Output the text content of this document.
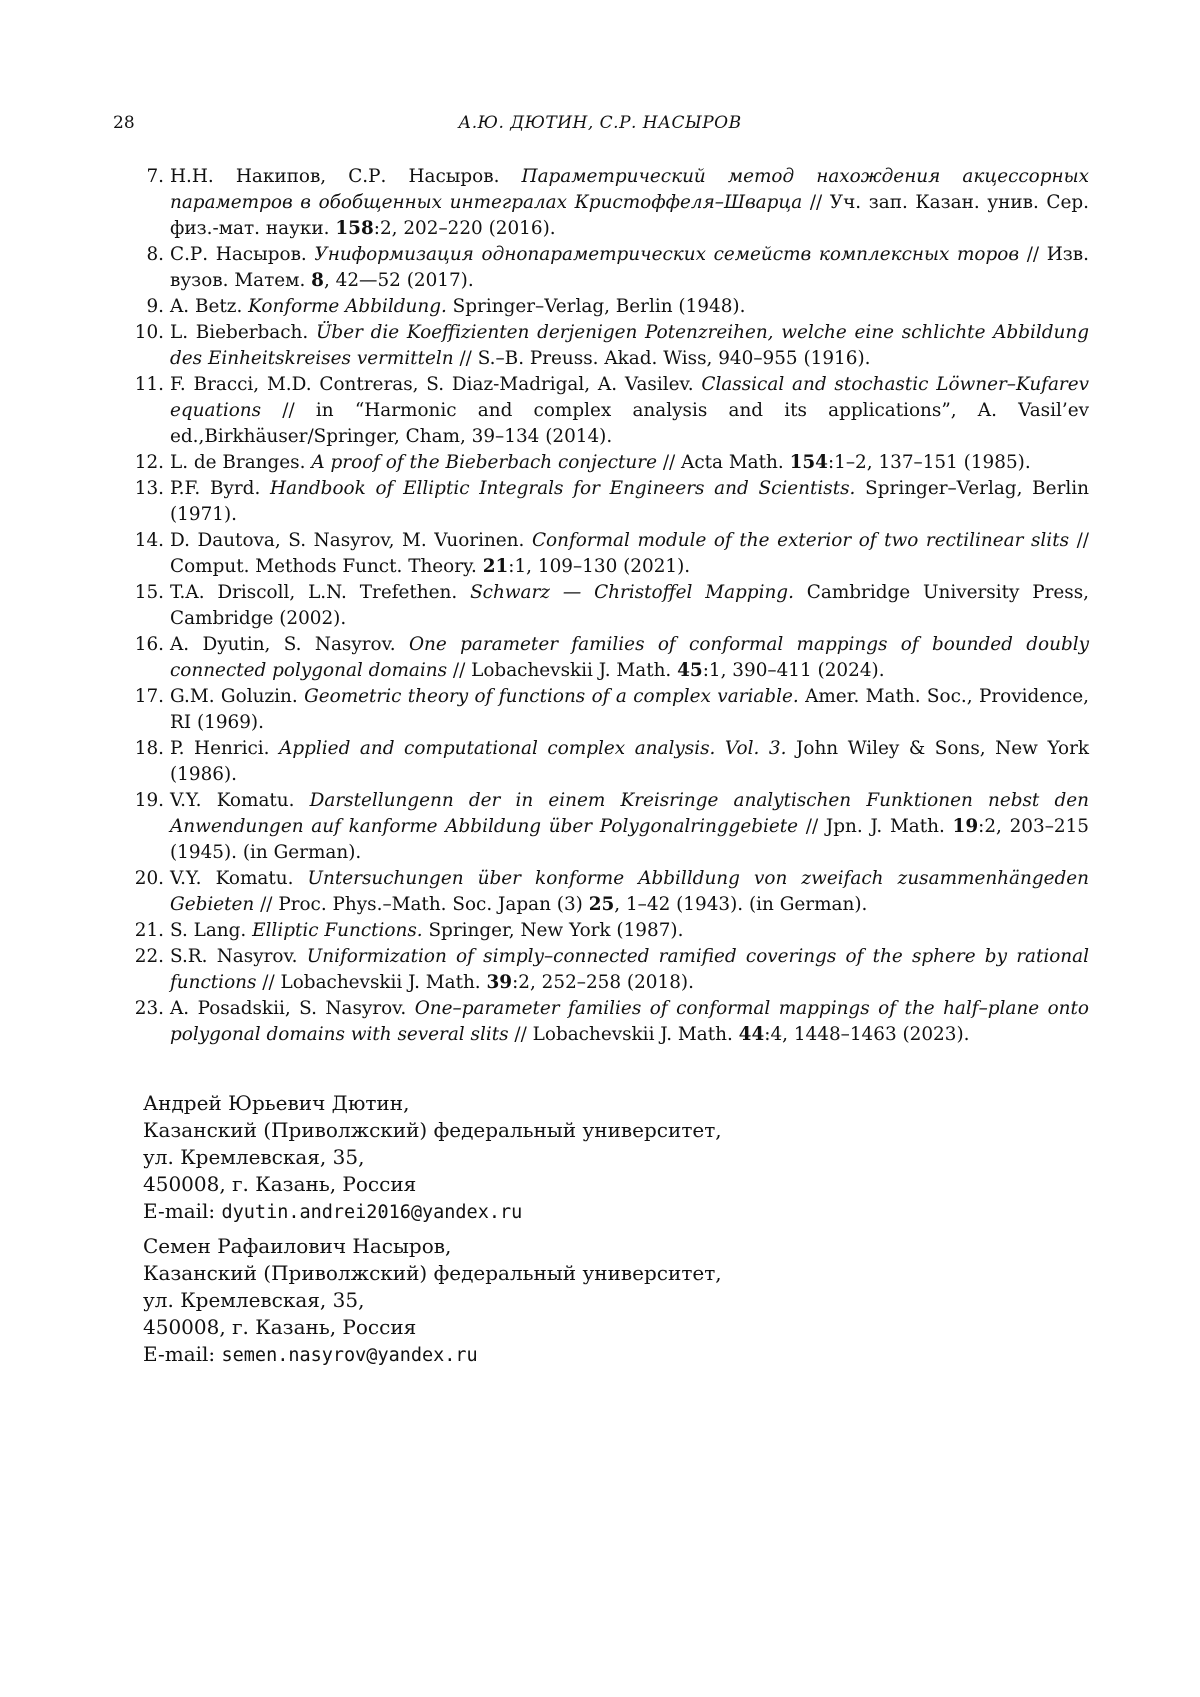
28	А.Ю. ДЮТИН, С.Р. НАСЫРОВ
7. Н.Н. Накипов, С.Р. Насыров. Параметрический метод нахождения акцессорных параметров в обобщенных интегралах Кристоффеля–Шварца // Уч. зап. Казан. унив. Сер. физ.-мат. науки. 158:2, 202–220 (2016).
8. С.Р. Насыров. Униформизация однопараметрических семейств комплексных торов // Изв. вузов. Матем. 8, 42—52 (2017).
9. A. Betz. Konforme Abbildung. Springer–Verlag, Berlin (1948).
10. L. Bieberbach. Über die Koeffizienten derjenigen Potenzreihen, welche eine schlichte Abbildung des Einheitskreises vermitteln // S.–B. Preuss. Akad. Wiss, 940–955 (1916).
11. F. Bracci, M.D. Contreras, S. Diaz-Madrigal, A. Vasilev. Classical and stochastic Löwner–Kufarev equations // in “Harmonic and complex analysis and its applications”, A. Vasil’ev ed.,Birkhäuser/Springer, Cham, 39–134 (2014).
12. L. de Branges. A proof of the Bieberbach conjecture // Acta Math. 154:1–2, 137–151 (1985).
13. P.F. Byrd. Handbook of Elliptic Integrals for Engineers and Scientists. Springer–Verlag, Berlin (1971).
14. D. Dautova, S. Nasyrov, M. Vuorinen. Conformal module of the exterior of two rectilinear slits // Comput. Methods Funct. Theory. 21:1, 109–130 (2021).
15. T.A. Driscoll, L.N. Trefethen. Schwarz — Christoffel Mapping. Cambridge University Press, Cambridge (2002).
16. A. Dyutin, S. Nasyrov. One parameter families of conformal mappings of bounded doubly connected polygonal domains // Lobachevskii J. Math. 45:1, 390–411 (2024).
17. G.M. Goluzin. Geometric theory of functions of a complex variable. Amer. Math. Soc., Providence, RI (1969).
18. P. Henrici. Applied and computational complex analysis. Vol. 3. John Wiley & Sons, New York (1986).
19. V.Y. Komatu. Darstellungenn der in einem Kreisringe analytischen Funktionen nebst den Anwendungen auf kanforme Abbildung über Polygonalringgebiete // Jpn. J. Math. 19:2, 203–215 (1945). (in German).
20. V.Y. Komatu. Untersuchungen über konforme Abbilldung von zweifach zusammenhängeden Gebieten // Proc. Phys.–Math. Soc. Japan (3) 25, 1–42 (1943). (in German).
21. S. Lang. Elliptic Functions. Springer, New York (1987).
22. S.R. Nasyrov. Uniformization of simply–connected ramified coverings of the sphere by rational functions // Lobachevskii J. Math. 39:2, 252–258 (2018).
23. A. Posadskii, S. Nasyrov. One–parameter families of conformal mappings of the half–plane onto polygonal domains with several slits // Lobachevskii J. Math. 44:4, 1448–1463 (2023).
Андрей Юрьевич Дютин,
Казанский (Приволжский) федеральный университет,
ул. Кремлевская, 35,
450008, г. Казань, Россия
E-mail: dyutin.andrei2016@yandex.ru
Семен Рафаилович Насыров,
Казанский (Приволжский) федеральный университет,
ул. Кремлевская, 35,
450008, г. Казань, Россия
E-mail: semen.nasyrov@yandex.ru
